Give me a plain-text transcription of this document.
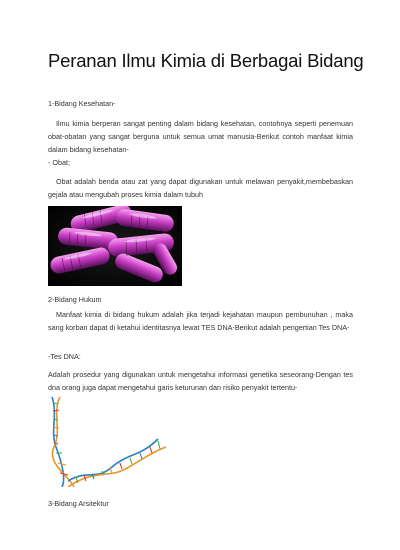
Peranan Ilmu Kimia di Berbagai Bidang
1-Bidang Kesehatan-
Ilmu kimia berperan sangat penting dalam bidang kesehatan, contohnya seperti penemuan obat-obatan yang sangat berguna untuk semua umat manusia-Berikut contoh manfaat kimia dalam bidang kesehatan-
- Obat;
Obat adalah benda atau zat yang dapat digunakan untuk melawan penyakit,membebaskan gejala atau mengubah proses kimia dalam tubuh
2-Bidang Hukum
Manfaat kimia di bidang hukum adalah jika terjadi kejahatan maupun pembunuhan , maka sang korban dapat di ketahui identitasnya lewat TES DNA-Berikut adalah pengertian Tes DNA-
-Tes DNA:
Adalah prosedur yang digunakan untuk mengetahui informasi genetika seseorang-Dengan tes dna orang juga dapat mengetahui garis keturunan dan risiko penyakit tertentu-
3-Bidang Arsitektur
